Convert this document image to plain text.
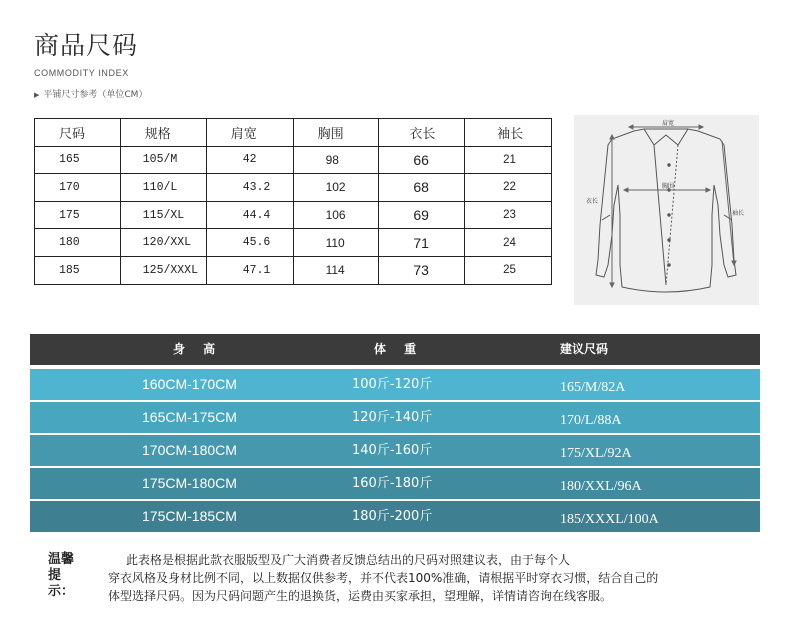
商品尺码
COMMODITY INDEX
▶ 平铺尺寸参考（单位CM）
尺码	规格	肩宽	胸围	衣长	袖长
165	105/M	42	98	66	21
170	110/L	43.2	102	68	22
175	115/XL	44.4	106	69	23
180	120/XXL	45.6	110	71	24
185	125/XXXL	47.1	114	73	25
肩宽
胸围
衣长
袖长
身 高	体 重	建议尺码
160CM-170CM	100斤-120斤	165/M/82A
165CM-175CM	120斤-140斤	170/L/88A
170CM-180CM	140斤-160斤	175/XL/92A
175CM-180CM	160斤-180斤	180/XXL/96A
175CM-185CM	180斤-200斤	185/XXXL/100A
温馨提示：
此表格是根据此款衣服版型及广大消费者反馈总结出的尺码对照建议表，由于每个人
穿衣风格及身材比例不同，以上数据仅供参考，并不代表100%准确，请根据平时穿衣习惯，结合自己的
体型选择尺码。因为尺码问题产生的退换货，运费由买家承担，望理解，详情请咨询在线客服。
